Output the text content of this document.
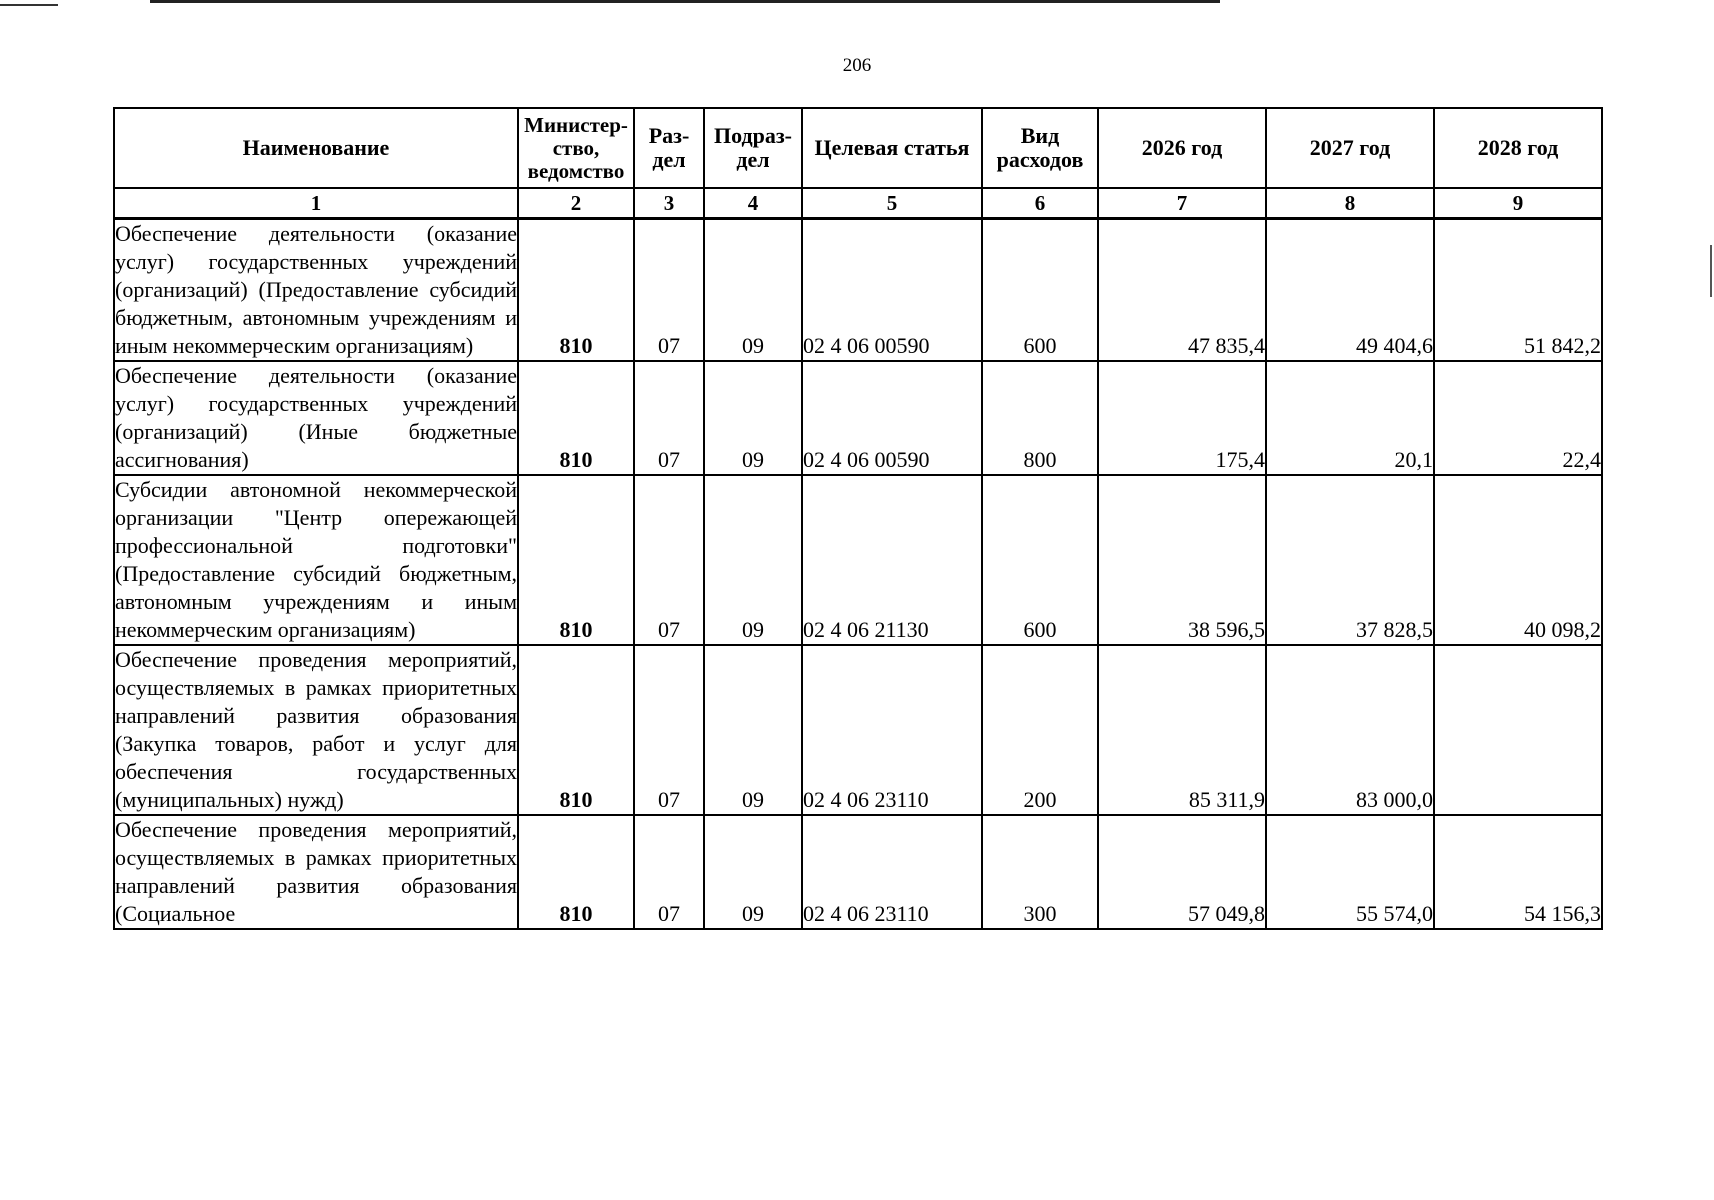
206
Наименование	Министер-ство, ведомство	Раз-дел	Подраз-дел	Целевая статья	Вид расходов	2026 год	2027 год	2028 год
1	2	3	4	5	6	7	8	9
Обеспечение деятельности (оказание услуг) государственных учреждений (организаций) (Предоставление субсидий бюджетным, автономным учреждениям и иным некоммерческим организациям)	810	07	09	02 4 06 00590	600	47 835,4	49 404,6	51 842,2
Обеспечение деятельности (оказание услуг) государственных учреждений (организаций) (Иные бюджетные ассигнования)	810	07	09	02 4 06 00590	800	175,4	20,1	22,4
Субсидии автономной некоммерческой организации "Центр опережающей профессиональной подготовки" (Предоставление субсидий бюджетным, автономным учреждениям и иным некоммерческим организациям)	810	07	09	02 4 06 21130	600	38 596,5	37 828,5	40 098,2
Обеспечение проведения мероприятий, осуществляемых в рамках приоритетных направлений развития образования (Закупка товаров, работ и услуг для обеспечения государственных (муниципальных) нужд)	810	07	09	02 4 06 23110	200	85 311,9	83 000,0	
Обеспечение проведения мероприятий, осуществляемых в рамках приоритетных направлений развития образования (Социальное	810	07	09	02 4 06 23110	300	57 049,8	55 574,0	54 156,3
